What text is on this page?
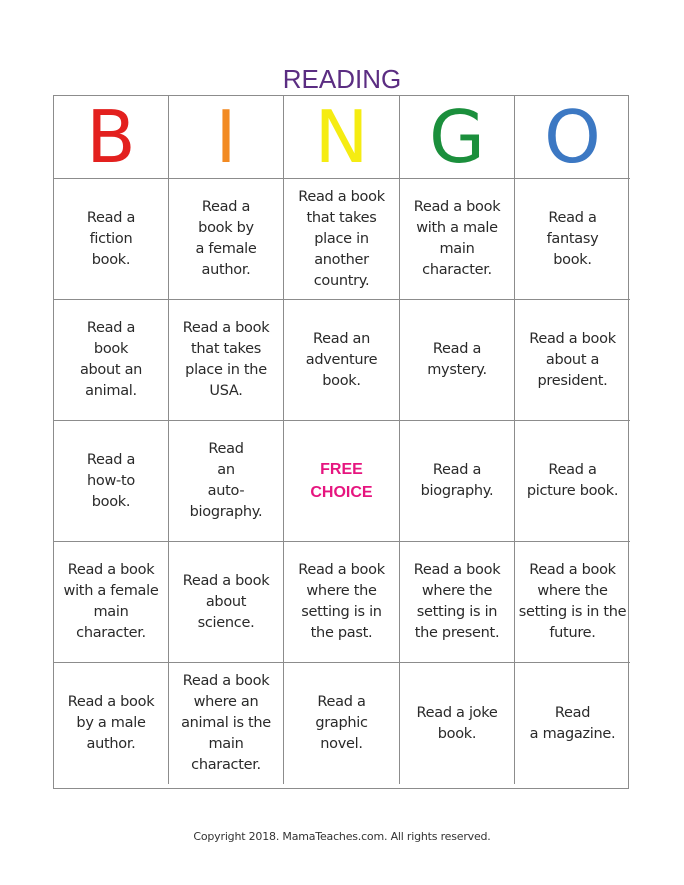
READING
B I N G O
Read a
fiction
book.
Read a
book by
a female
author.
Read a book
that takes
place in
another
country.
Read a book
with a male
main
character.
Read a
fantasy
book.
Read a
book
about an
animal.
Read a book
that takes
place in the
USA.
Read an
adventure
book.
Read a
mystery.
Read a book
about a
president.
Read a
how-to
book.
Read
an
auto-
biography.
FREE
CHOICE
Read a
biography.
Read a
picture book.
Read a book
with a female
main character.
Read a book
about
science.
Read a book
where the
setting is in
the past.
Read a book
where the
setting is in
the present.
Read a book
where the
setting is in the
future.
Read a book
by a male
author.
Read a book
where an
animal is the
main
character.
Read a
graphic
novel.
Read a joke
book.
Read
a magazine.
Copyright 2018. MamaTeaches.com. All rights reserved.
